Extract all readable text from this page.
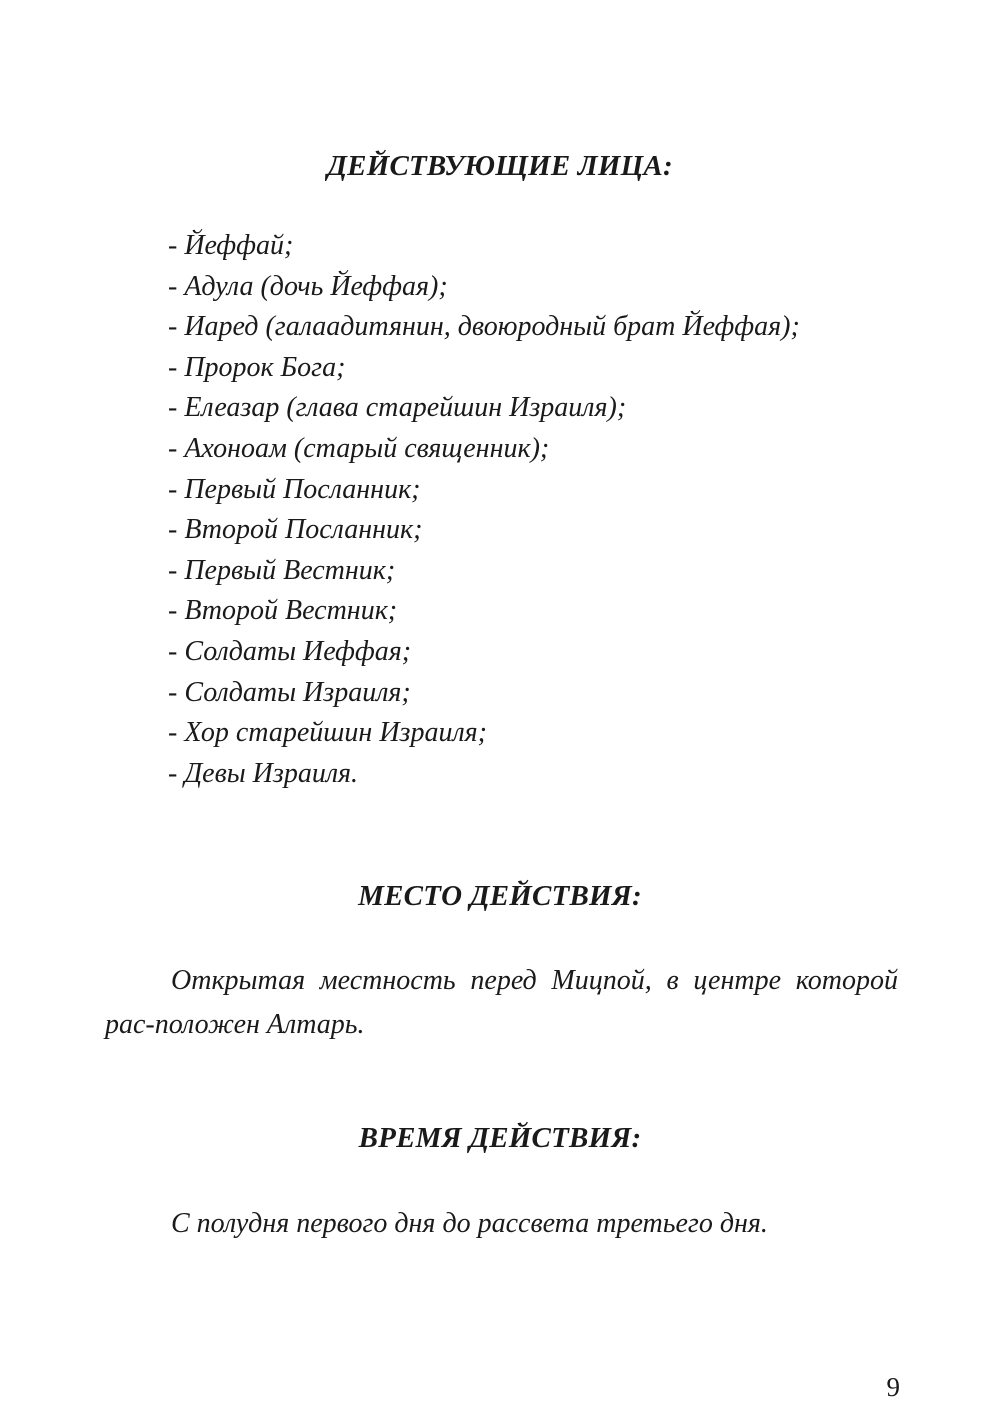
ДЕЙСТВУЮЩИЕ ЛИЦА:
- Йеффай;
- Адула (дочь Йеффая);
- Иаред (галаадитянин, двоюродный брат Йеффая);
- Пророк Бога;
- Елеазар (глава старейшин Израиля);
- Ахоноам (старый священник);
- Первый Посланник;
- Второй Посланник;
- Первый Вестник;
- Второй Вестник;
- Солдаты Иеффая;
- Солдаты Израиля;
- Хор старейшин Израиля;
- Девы Израиля.
МЕСТО ДЕЙСТВИЯ:

Открытая местность перед Мицпой, в центре которой рас-положен Алтарь.

ВРЕМЯ ДЕЙСТВИЯ:

С полудня первого дня до рассвета третьего дня.

9
